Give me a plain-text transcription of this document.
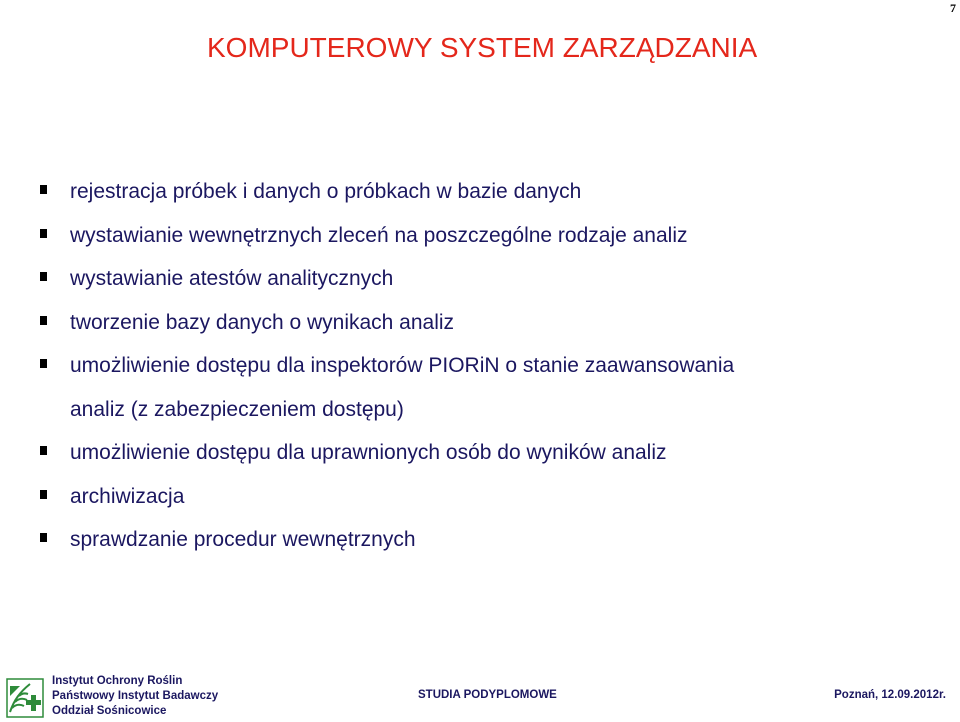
7
KOMPUTEROWY SYSTEM ZARZĄDZANIA
rejestracja próbek i danych o próbkach w bazie danych
wystawianie wewnętrznych zleceń na poszczególne rodzaje analiz
wystawianie atestów analitycznych
tworzenie bazy danych o wynikach analiz
umożliwienie dostępu dla inspektorów PIORiN o stanie zaawansowania
analiz (z zabezpieczeniem dostępu)
umożliwienie dostępu dla uprawnionych osób do wyników analiz
archiwizacja
sprawdzanie procedur wewnętrznych
Instytut Ochrony Roślin
Państwowy Instytut Badawczy
Oddział Sośnicowice
STUDIA PODYPLOMOWE	Poznań, 12.09.2012r.
